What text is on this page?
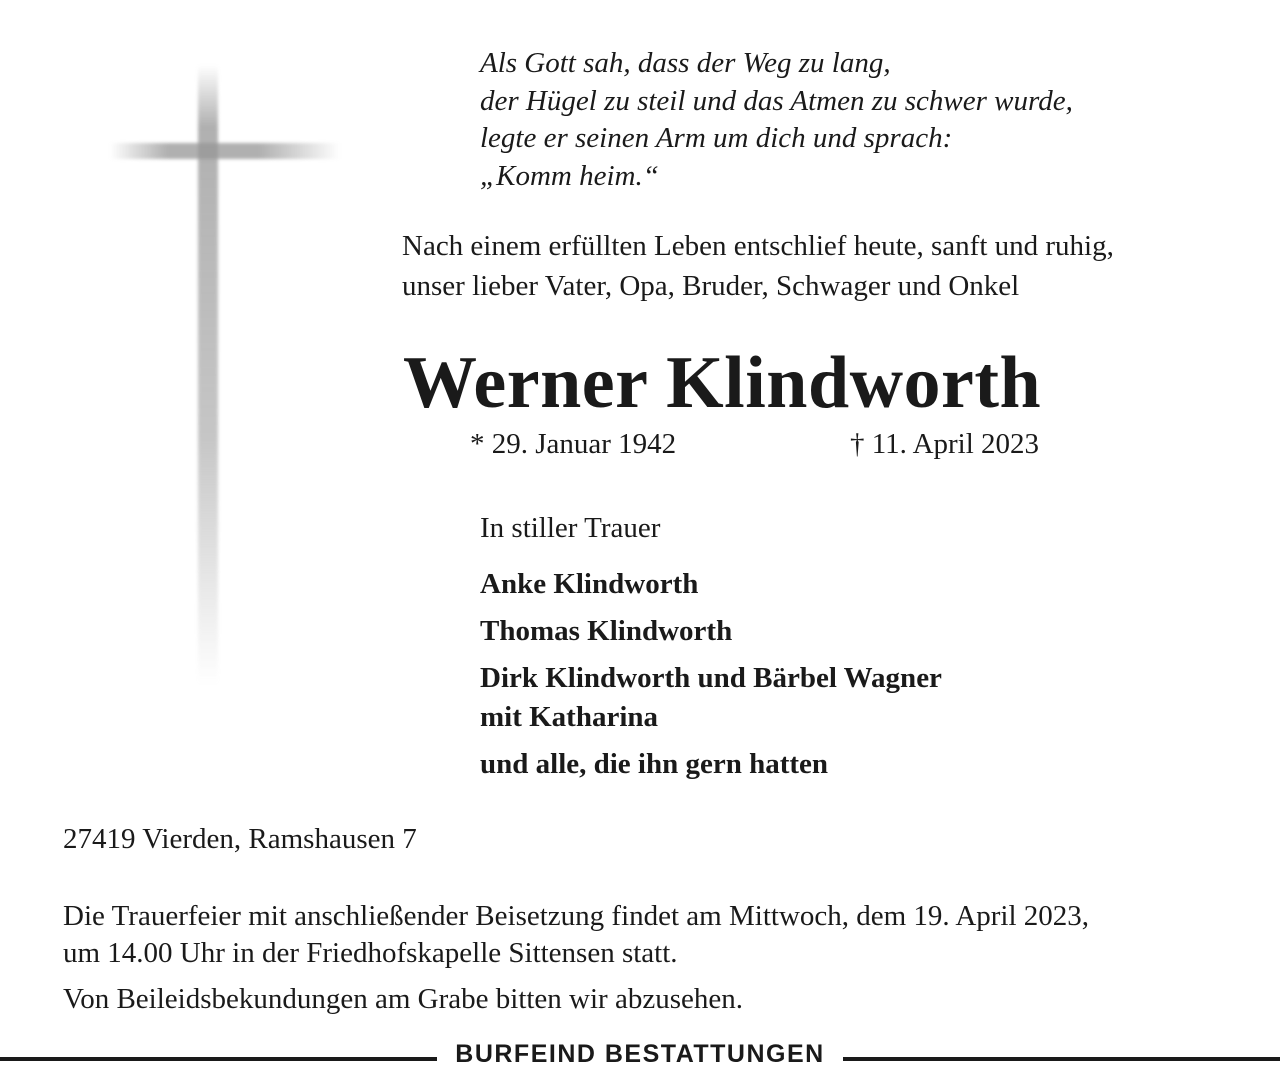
Als Gott sah, dass der Weg zu lang,
der Hügel zu steil und das Atmen zu schwer wurde,
legte er seinen Arm um dich und sprach:
„Komm heim.“
Nach einem erfüllten Leben entschlief heute, sanft und ruhig,
unser lieber Vater, Opa, Bruder, Schwager und Onkel
Werner Klindworth
* 29. Januar 1942	† 11. April 2023
In stiller Trauer
Anke Klindworth
Thomas Klindworth
Dirk Klindworth und Bärbel Wagner
mit Katharina
und alle, die ihn gern hatten
27419 Vierden, Ramshausen 7
Die Trauerfeier mit anschließender Beisetzung findet am Mittwoch, dem 19. April 2023,
um 14.00 Uhr in der Friedhofskapelle Sittensen statt.
Von Beileidsbekundungen am Grabe bitten wir abzusehen.
BURFEIND BESTATTUNGEN
